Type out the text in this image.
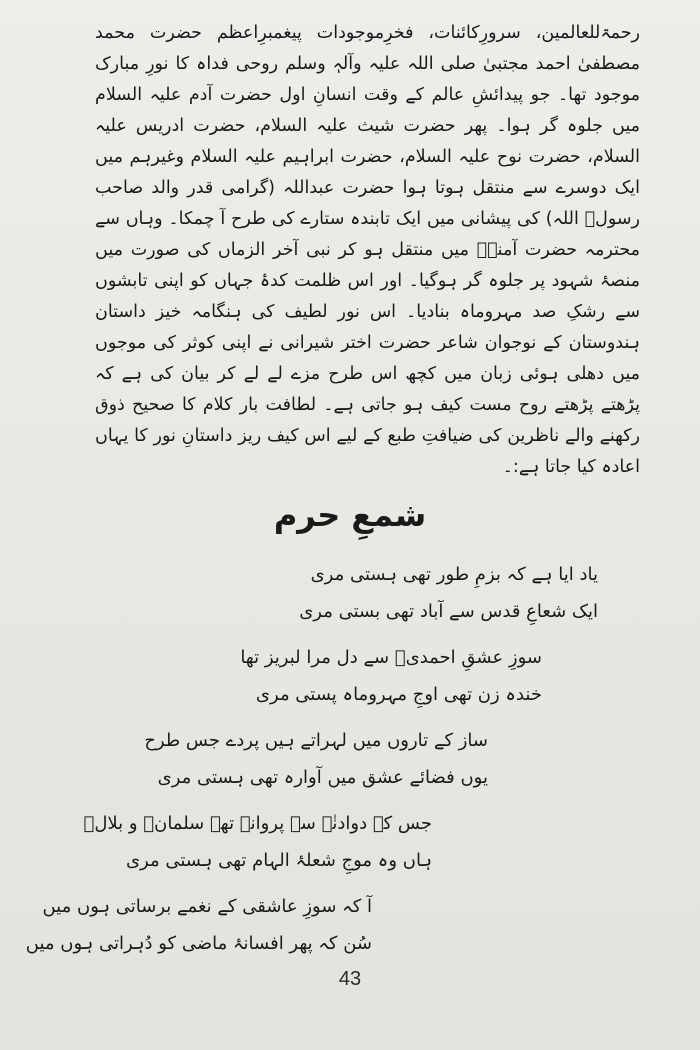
رحمۃللعالمین، سرورِکائنات، فخرِموجودات پیغمبرِاعظم حضرت محمد مصطفیٰ احمد مجتبیٰ صلی اللہ علیہ وآلہٖ وسلم روحی فداہ کا نورِ مبارک موجود تھا۔ جو پیدائشِ عالم کے وقت انسانِ اول حضرت آدم علیہ السلام میں جلوہ گر ہوا۔ پھر حضرت شیث علیہ السلام، حضرت ادریس علیہ السلام، حضرت نوح علیہ السلام، حضرت ابراہیم علیہ السلام وغیرہم میں ایک دوسرے سے منتقل ہوتا ہوا حضرت عبداللہ (گرامی قدر والد صاحب رسولﷺ اللہ) کی پیشانی میں ایک تابندہ ستارے کی طرح آ چمکا۔ وہاں سے محترمہ حضرت آمنہؓ میں منتقل ہو کر نبی آخر الزماں کی صورت میں منصۂ شہود پر جلوہ گر ہوگیا۔ اور اس ظلمت کدۂ جہاں کو اپنی تابشوں سے رشکِ صد مہروماہ بنادیا۔ اس نور لطیف کی ہنگامہ خیز داستان ہندوستان کے نوجوان شاعر حضرت اختر شیرانی نے اپنی کوثر کی موجوں میں دھلی ہوئی زبان میں کچھ اس طرح مزے لے لے کر بیان کی ہے کہ پڑھتے پڑھتے روح مست کیف ہو جاتی ہے۔ لطافت بار کلام کا صحیح ذوق رکھنے والے ناظرین کی ضیافتِ طبع کے لیے اس کیف ریز داستانِ نور کا یہاں اعادہ کیا جاتا ہے:۔

شمعِ حرم
یاد ایا ہے کہ بزمِ طور تھی ہستی مری
ایک شعاعِ قدس سے آباد تھی بستی مری
سوزِ عشقِ احمدیؐ سے دل مرا لبریز تھا
خندہ زن تھی اوجِ مہروماہ پستی مری
ساز کے تاروں میں لہراتے ہیں پردے جس طرح
یوں فضائے عشق میں آوارہ تھی ہستی مری
جس کے دوادنٰے سے پروانے تھے سلمانؓ و بلالؓ
ہاں وہ موجِ شعلۂ الہام تھی ہستی مری
آ کہ سوزِ عاشقی کے نغمے برساتی ہوں میں
سُن کہ پھر افسانۂ ماضی کو دُہراتی ہوں میں
43
